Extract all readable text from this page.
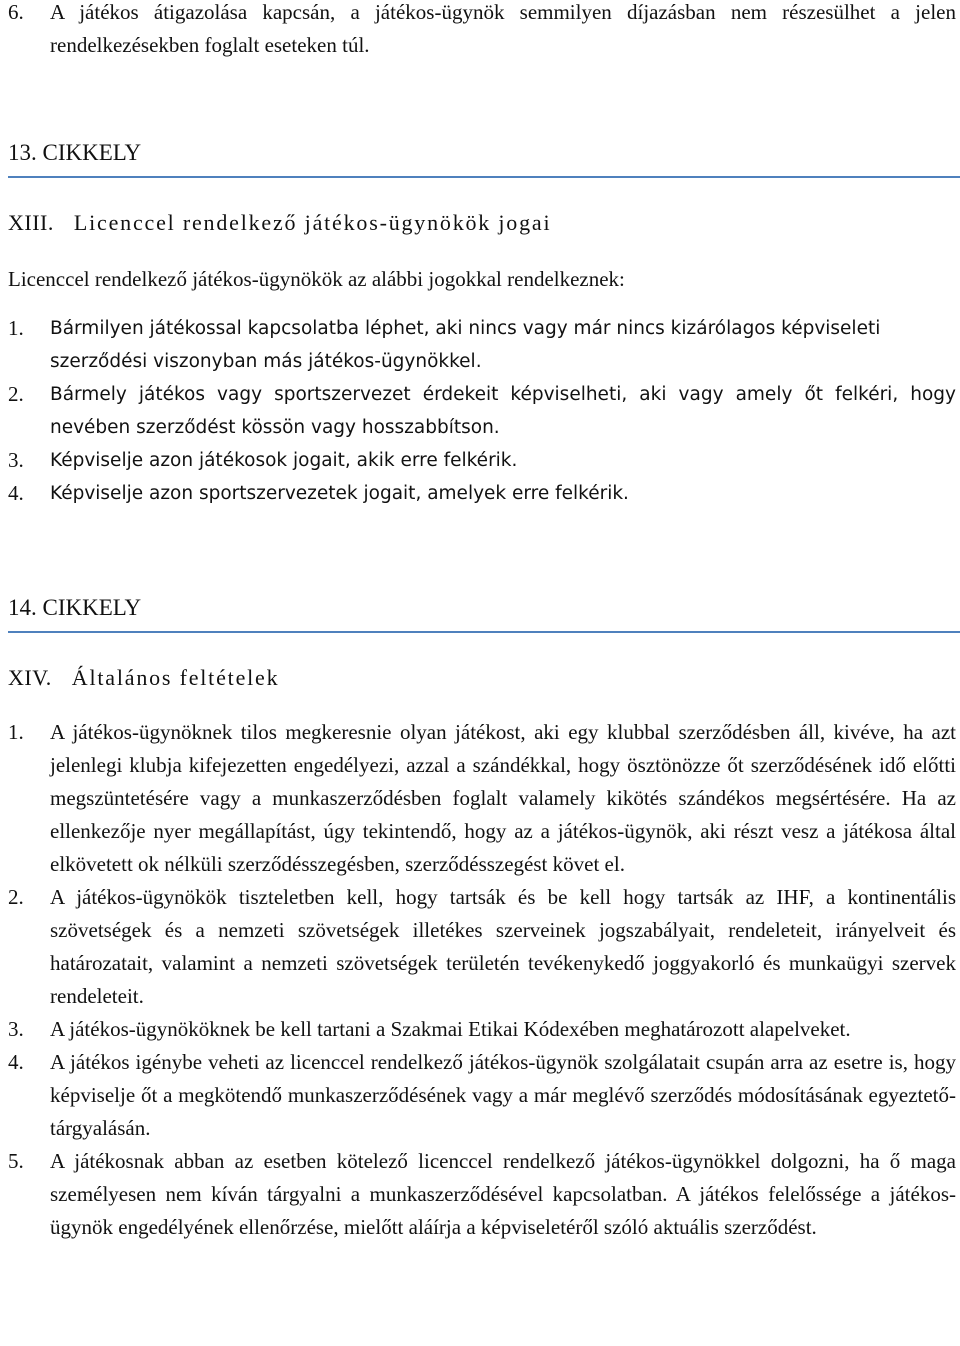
6.	A játékos átigazolása kapcsán, a játékos-ügynök semmilyen díjazásban nem részesülhet a jelen rendelkezésekben foglalt eseteken túl.
13. CIKKELY
XIII. Licenccel rendelkező játékos-ügynökök jogai
Licenccel rendelkező játékos-ügynökök az alábbi jogokkal rendelkeznek:
1.	Bármilyen játékossal kapcsolatba léphet, aki nincs vagy már nincs kizárólagos képviseleti szerződési viszonyban más játékos-ügynökkel.
2.	Bármely játékos vagy sportszervezet érdekeit képviselheti, aki vagy amely őt felkéri, hogy nevében szerződést kössön vagy hosszabbítson.
3.	Képviselje azon játékosok jogait, akik erre felkérik.
4.	Képviselje azon sportszervezetek jogait, amelyek erre felkérik.
14. CIKKELY
XIV. Általános feltételek
1.	A játékos-ügynöknek tilos megkeresnie olyan játékost, aki egy klubbal szerződésben áll, kivéve, ha azt jelenlegi klubja kifejezetten engedélyezi, azzal a szándékkal, hogy ösztönözze őt szerződésének idő előtti megszüntetésére vagy a munkaszerződésben foglalt valamely kikötés szándékos megsértésére. Ha az ellenkezője nyer megállapítást, úgy tekintendő, hogy az a játékos-ügynök, aki részt vesz a játékosa által elkövetett ok nélküli szerződésszegésben, szerződésszegést követ el.
2.	A játékos-ügynökök tiszteletben kell, hogy tartsák és be kell hogy tartsák az IHF, a kontinentális szövetségek és a nemzeti szövetségek illetékes szerveinek jogszabályait, rendeleteit, irányelveit és határozatait, valamint a nemzeti szövetségek területén tevékenykedő joggyakorló és munkaügyi szervek rendeleteit.
3.	A játékos-ügynököknek be kell tartani a Szakmai Etikai Kódexében meghatározott alapelveket.
4.	A játékos igénybe veheti az licenccel rendelkező játékos-ügynök szolgálatait csupán arra az esetre is, hogy képviselje őt a megkötendő munkaszerződésének vagy a már meglévő szerződés módosításának egyeztető-tárgyalásán.
5.	A játékosnak abban az esetben kötelező licenccel rendelkező játékos-ügynökkel dolgozni, ha ő maga személyesen nem kíván tárgyalni a munkaszerződésével kapcsolatban. A játékos felelőssége a játékos-ügynök engedélyének ellenőrzése, mielőtt aláírja a képviseletéről szóló aktuális szerződést.
